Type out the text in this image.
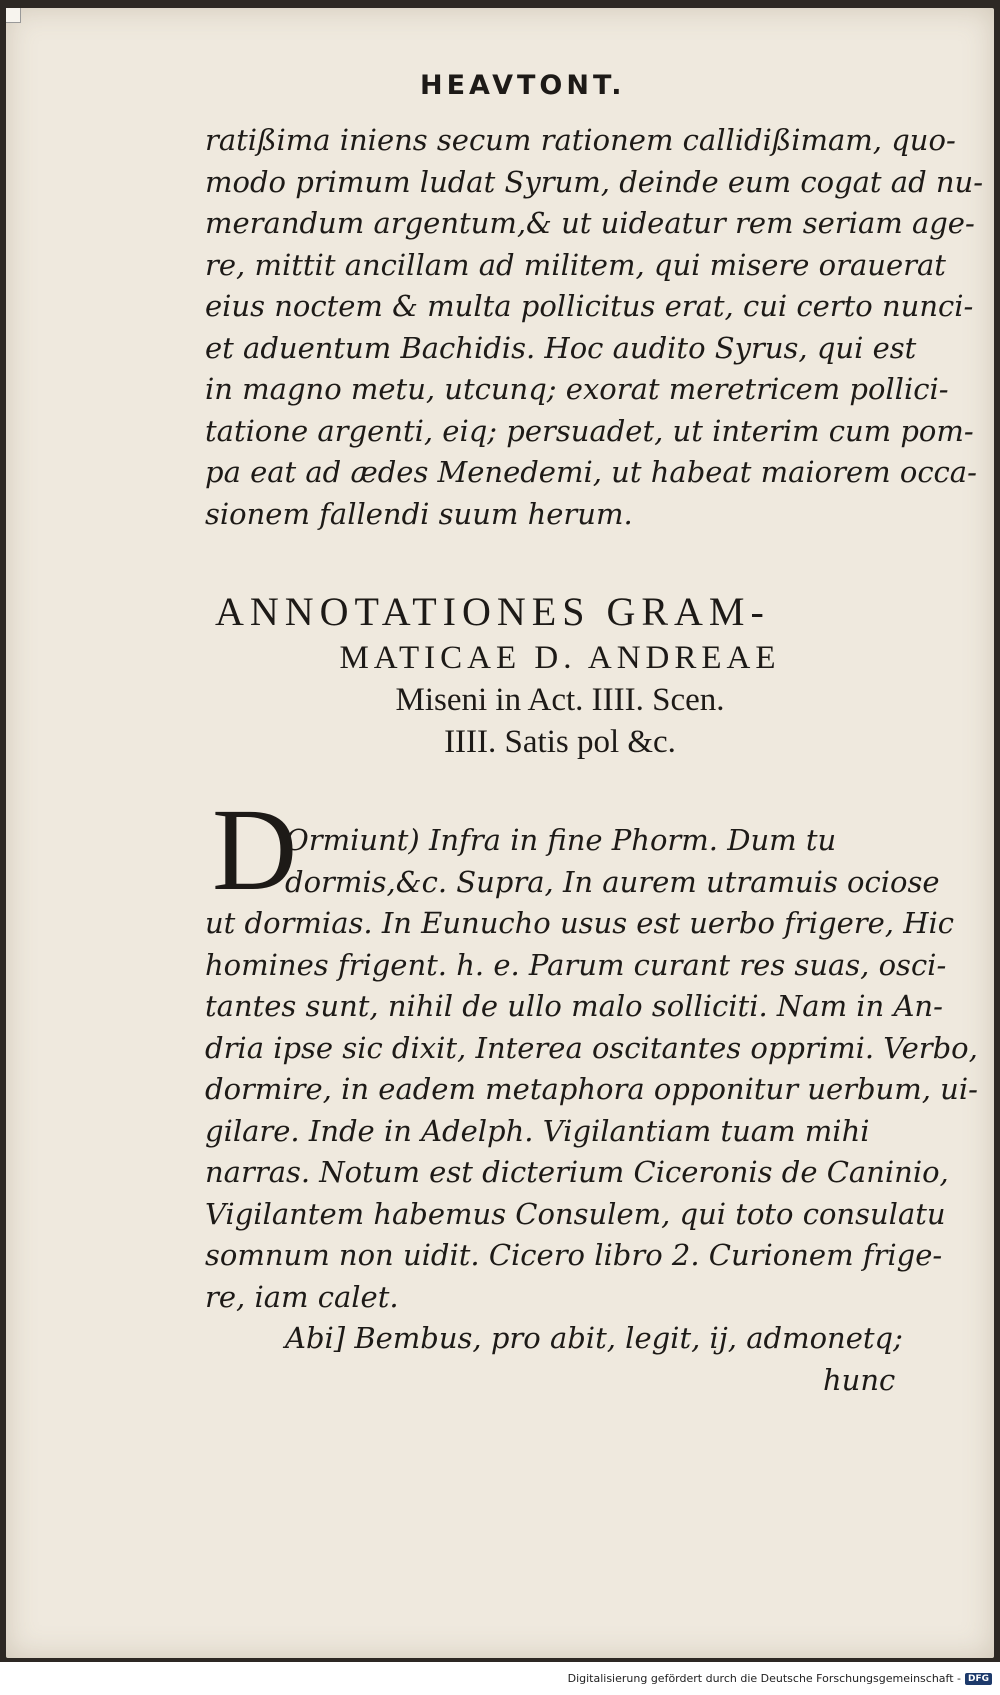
HEAVTONT.
ratißima iniens secum rationem callidißimam, quo-
modo primum ludat Syrum, deinde eum cogat ad nu-
merandum argentum,& ut uideatur rem seriam age-
re, mittit ancillam ad militem, qui misere orauerat
eius noctem & multa pollicitus erat, cui certo nunci-
et aduentum Bachidis. Hoc audito Syrus, qui est
in magno metu, utcunq; exorat meretricem pollici-
tatione argenti, eiq; persuadet, ut interim cum pom-
pa eat ad ædes Menedemi, ut habeat maiorem occa-
sionem fallendi suum herum.
ANNOTATIONES GRAM-
MATICAE D. ANDREAE
Miseni in Act. IIII. Scen.
IIII. Satis pol &c.
D
Ormiunt) Infra in fine Phorm. Dum tu
dormis,&c. Supra, In aurem utramuis ociose
ut dormias. In Eunucho usus est uerbo frigere, Hic
homines frigent. h. e. Parum curant res suas, osci-
tantes sunt, nihil de ullo malo solliciti. Nam in An-
dria ipse sic dixit, Interea oscitantes opprimi. Verbo,
dormire, in eadem metaphora opponitur uerbum, ui-
gilare. Inde in Adelph. Vigilantiam tuam mihi
narras. Notum est dicterium Ciceronis de Caninio,
Vigilantem habemus Consulem, qui toto consulatu
somnum non uidit. Cicero libro 2. Curionem frige-
re, iam calet.
Abi] Bembus, pro abit, legit, ij, admonetq;
hunc
Digitalisierung gefördert durch die Deutsche Forschungsgemeinschaft - DFG
